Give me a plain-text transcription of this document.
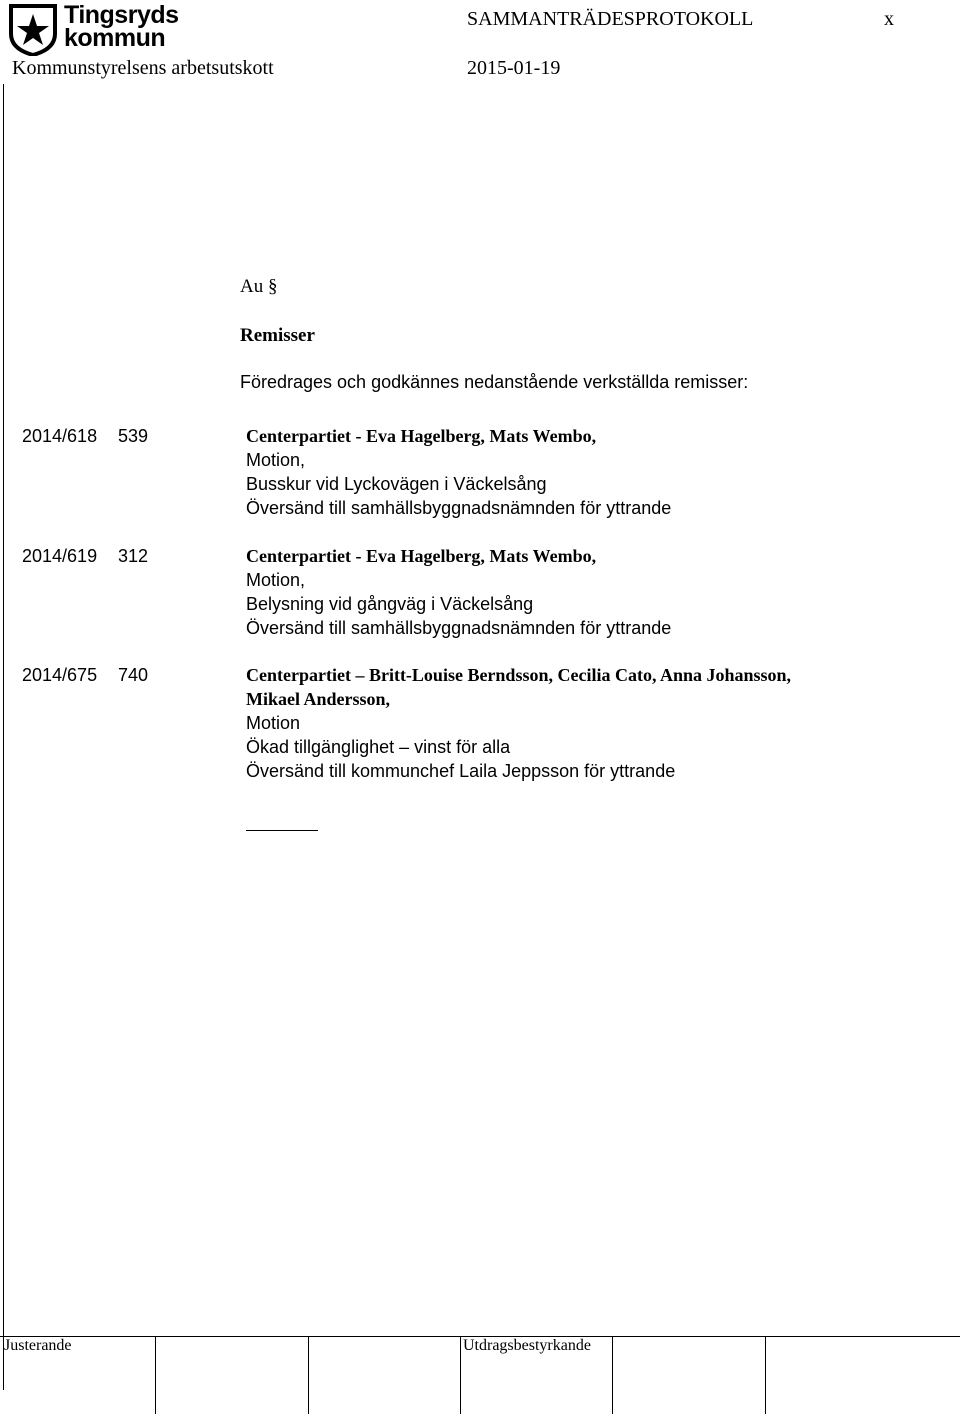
Tingsryds
kommun
SAMMANTRÄDESPROTOKOLL	x
Kommunstyrelsens arbetsutskott	2015-01-19
Au §
Remisser
Föredrages och godkännes nedanstående verkställda remisser:
2014/618	539	Centerpartiet - Eva Hagelberg, Mats Wembo,
Motion,
Busskur vid Lyckovägen i Väckelsång
Översänd till samhällsbyggnadsnämnden för yttrande
2014/619	312	Centerpartiet - Eva Hagelberg, Mats Wembo,
Motion,
Belysning vid gångväg i Väckelsång
Översänd till samhällsbyggnadsnämnden för yttrande
2014/675	740	Centerpartiet – Britt-Louise Berndsson, Cecilia Cato, Anna Johansson,
Mikael Andersson,
Motion
Ökad tillgänglighet – vinst för alla
Översänd till kommunchef Laila Jeppsson för yttrande
Justerande	Utdragsbestyrkande
